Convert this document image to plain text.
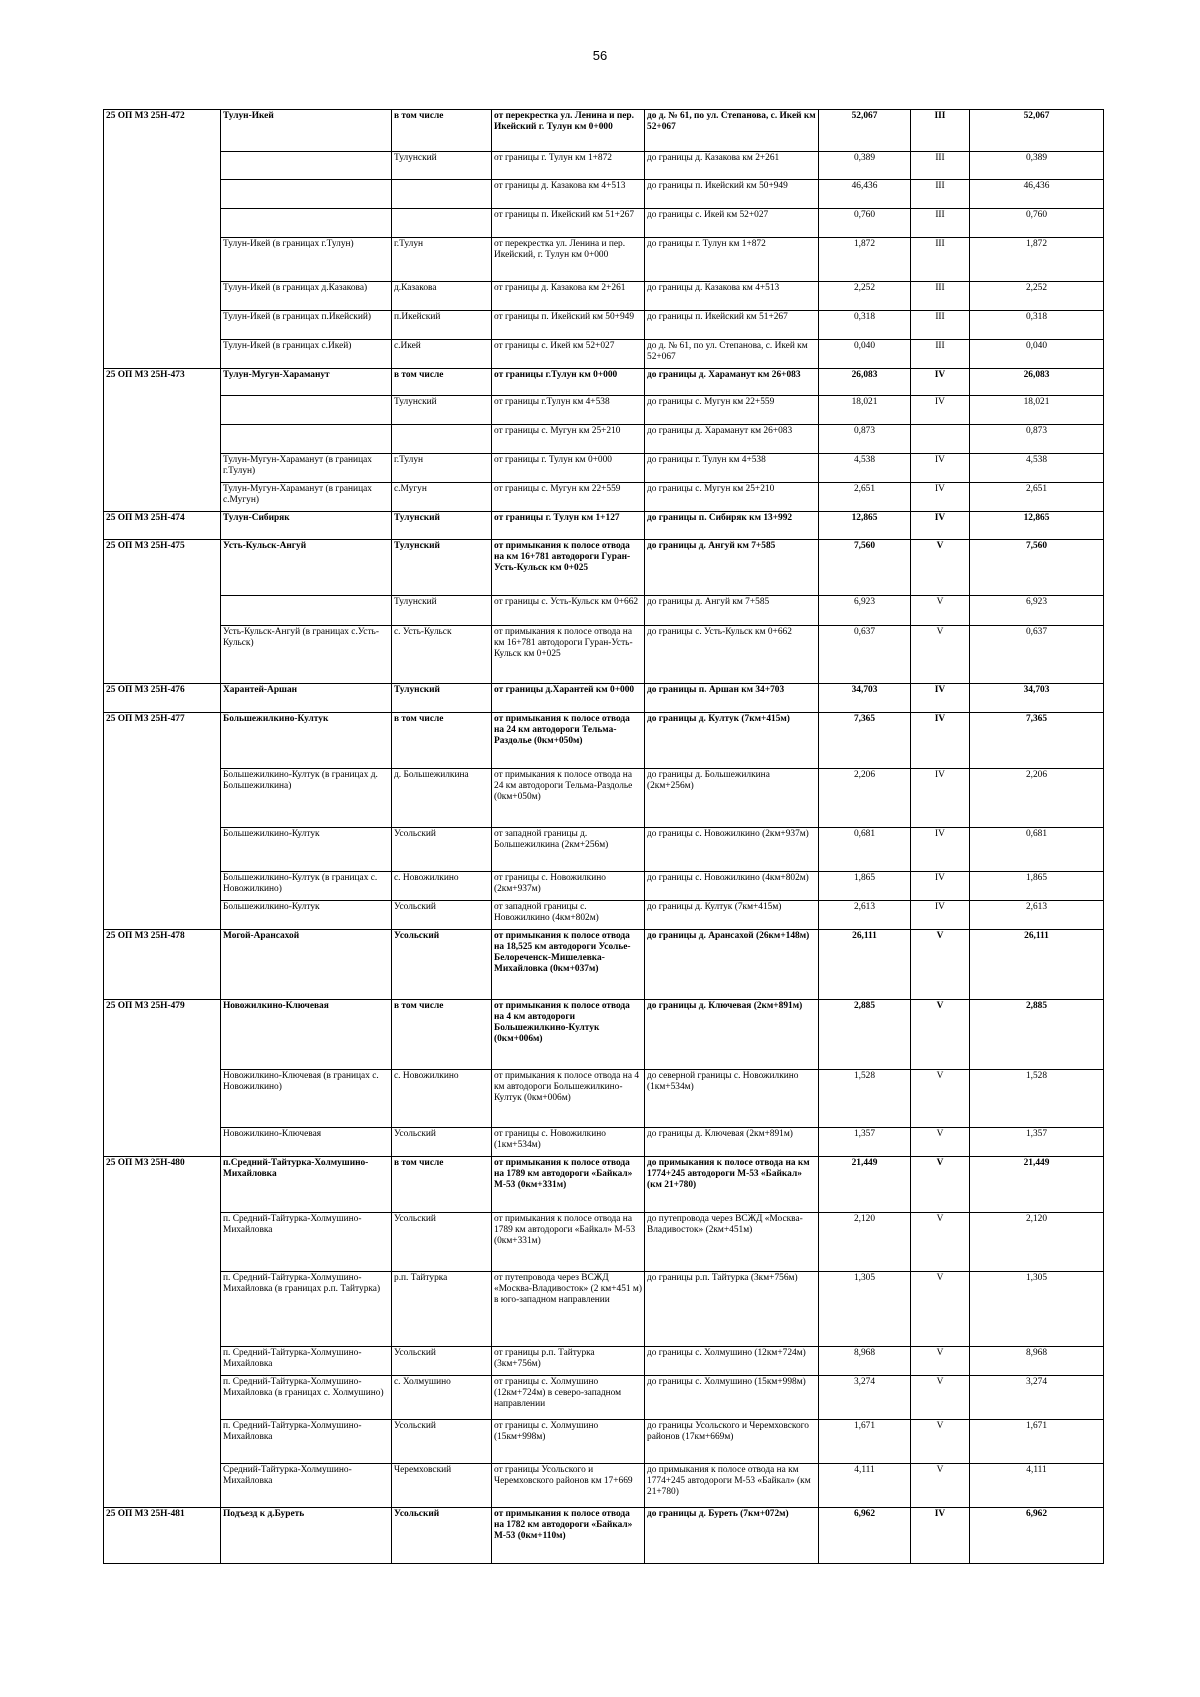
56
25 ОП МЗ 25Н-472	Тулун-Икей	в том числе	от перекрестка ул. Ленина и пер. Икейский г. Тулун км 0+000	до д. № 61, по ул. Степанова, с. Икей км 52+067	52,067	III	52,067
		Тулунский	от границы г. Тулун км 1+872	до границы д. Казакова км 2+261	0,389	III	0,389
			от границы д. Казакова км 4+513	до границы п. Икейский км 50+949	46,436	III	46,436
			от границы п. Икейский км 51+267	до границы с. Икей км 52+027	0,760	III	0,760
	Тулун-Икей (в границах г.Тулун)	г.Тулун	от перекрестка ул. Ленина и пер. Икейский, г. Тулун км 0+000	до границы г. Тулун км 1+872	1,872	III	1,872
	Тулун-Икей (в границах д.Казакова)	д.Казакова	от границы д. Казакова км 2+261	до границы д. Казакова км 4+513	2,252	III	2,252
	Тулун-Икей (в границах п.Икейский)	п.Икейский	от границы п. Икейский км 50+949	до границы п. Икейский км 51+267	0,318	III	0,318
	Тулун-Икей (в границах с.Икей)	с.Икей	от границы с. Икей км 52+027	до д. № 61, по ул. Степанова, с. Икей км 52+067	0,040	III	0,040
25 ОП МЗ 25Н-473	Тулун-Мугун-Хараманут	в том числе	от границы г.Тулун км 0+000	до границы д. Хараманут км 26+083	26,083	IV	26,083
		Тулунский	от границы г.Тулун км 4+538	до границы с. Мугун км 22+559	18,021	IV	18,021
			от границы с. Мугун км 25+210	до границы д. Хараманут км 26+083	0,873		0,873
	Тулун-Мугун-Хараманут (в границах г.Тулун)	г.Тулун	от границы г. Тулун км 0+000	до границы г. Тулун км 4+538	4,538	IV	4,538
	Тулун-Мугун-Хараманут (в границах с.Мугун)	с.Мугун	от границы с. Мугун км 22+559	до границы с. Мугун км 25+210	2,651	IV	2,651
25 ОП МЗ 25Н-474	Тулун-Сибиряк	Тулунский	от границы г. Тулун км 1+127	до границы п. Сибиряк км 13+992	12,865	IV	12,865
25 ОП МЗ 25Н-475	Усть-Кульск-Ангуй	Тулунский	от примыкания к полосе отвода на км 16+781 автодороги Гуран-Усть-Кульск км 0+025	до границы д. Ангуй км 7+585	7,560	V	7,560
		Тулунский	от границы с. Усть-Кульск км 0+662	до границы д. Ангуй км 7+585	6,923	V	6,923
	Усть-Кульск-Ангуй (в границах с.Усть-Кульск)	с. Усть-Кульск	от примыкания к полосе отвода на км 16+781 автодороги Гуран-Усть-Кульск км 0+025	до границы с. Усть-Кульск км 0+662	0,637	V	0,637
25 ОП МЗ 25Н-476	Харантей-Аршан	Тулунский	от границы д.Харантей км 0+000	до границы п. Аршан км 34+703	34,703	IV	34,703
25 ОП МЗ 25Н-477	Большежилкино-Култук	в том числе	от примыкания к полосе отвода на 24 км автодороги Тельма-Раздолье (0км+050м)	до границы д. Култук (7км+415м)	7,365	IV	7,365
	Большежилкино-Култук (в границах д. Большежилкина)	д. Большежилкина	от примыкания к полосе отвода на 24 км автодороги Тельма-Раздолье (0км+050м)	до границы д. Большежилкина (2км+256м)	2,206	IV	2,206
	Большежилкино-Култук	Усольский	от западной границы д. Большежилкина (2км+256м)	до границы с. Новожилкино (2км+937м)	0,681	IV	0,681
	Большежилкино-Култук (в границах с. Новожилкино)	с. Новожилкино	от границы с. Новожилкино (2км+937м)	до границы с. Новожилкино (4км+802м)	1,865	IV	1,865
	Большежилкино-Култук	Усольский	от западной границы с. Новожилкино (4км+802м)	до границы д. Култук (7км+415м)	2,613	IV	2,613
25 ОП МЗ 25Н-478	Могой-Арансахой	Усольский	от примыкания к полосе отвода на 18,525 км автодороги Усолье-Белореченск-Мишелевка-Михайловка (0км+037м)	до границы д. Арансахой (26км+148м)	26,111	V	26,111
25 ОП МЗ 25Н-479	Новожилкино-Ключевая	в том числе	от примыкания к полосе отвода на 4 км автодороги Большежилкино-Култук (0км+006м)	до границы д. Ключевая (2км+891м)	2,885	V	2,885
	Новожилкино-Ключевая (в границах с. Новожилкино)	с. Новожилкино	от примыкания к полосе отвода на 4 км автодороги Большежилкино-Култук (0км+006м)	до северной границы с. Новожилкино (1км+534м)	1,528	V	1,528
	Новожилкино-Ключевая	Усольский	от границы с. Новожилкино (1км+534м)	до границы д. Ключевая (2км+891м)	1,357	V	1,357
25 ОП МЗ 25Н-480	п.Средний-Тайтурка-Холмушино-Михайловка	в том числе	от примыкания к полосе отвода на 1789 км автодороги «Байкал» М-53 (0км+331м)	до примыкания к полосе отвода на км 1774+245 автодороги М-53 «Байкал» (км 21+780)	21,449	V	21,449
	п. Средний-Тайтурка-Холмушино-Михайловка	Усольский	от примыкания к полосе отвода на 1789 км автодороги «Байкал» М-53 (0км+331м)	до путепровода через ВСЖД «Москва-Владивосток» (2км+451м)	2,120	V	2,120
	п. Средний-Тайтурка-Холмушино-Михайловка (в границах р.п. Тайтурка)	р.п. Тайтурка	от путепровода через ВСЖД «Москва-Владивосток» (2 км+451 м) в юго-западном направлении	до границы р.п. Тайтурка (3км+756м)	1,305	V	1,305
	п. Средний-Тайтурка-Холмушино-Михайловка	Усольский	от границы р.п. Тайтурка (3км+756м)	до границы с. Холмушино (12км+724м)	8,968	V	8,968
	п. Средний-Тайтурка-Холмушино-Михайловка (в границах с. Холмушино)	с. Холмушино	от границы с. Холмушино (12км+724м) в северо-западном направлении	до границы с. Холмушино (15км+998м)	3,274	V	3,274
	п. Средний-Тайтурка-Холмушино-Михайловка	Усольский	от границы с. Холмушино (15км+998м)	до границы Усольского и Черемховского районов (17км+669м)	1,671	V	1,671
	Средний-Тайтурка-Холмушино-Михайловка	Черемховский	от границы Усольского и Черемховского районов км 17+669	до примыкания к полосе отвода на км 1774+245 автодороги М-53 «Байкал» (км 21+780)	4,111	V	4,111
25 ОП МЗ 25Н-481	Подъезд к д.Буреть	Усольский	от примыкания к полосе отвода на 1782 км автодороги «Байкал» М-53 (0км+110м)	до границы д. Буреть (7км+072м)	6,962	IV	6,962
